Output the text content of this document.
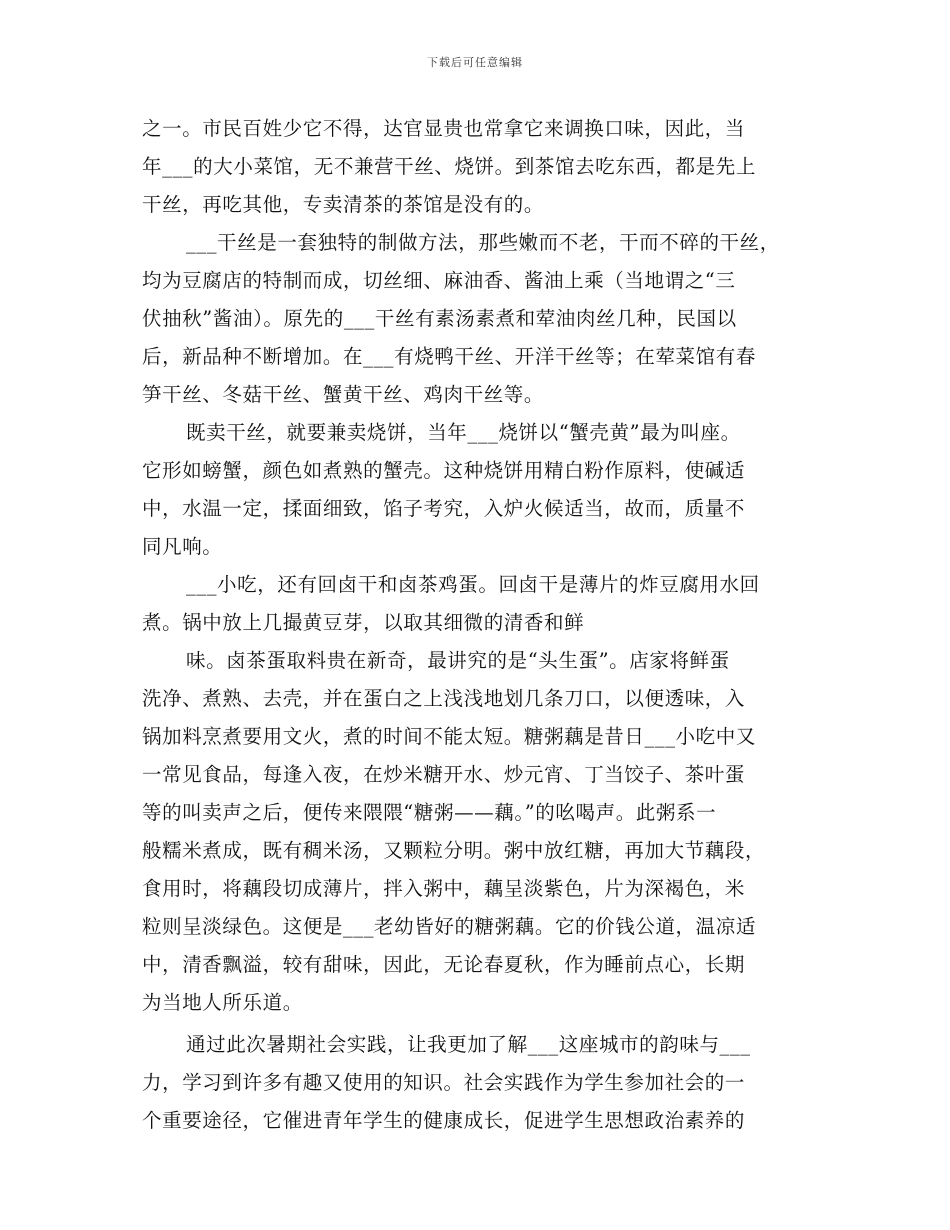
下载后可任意编辑
之一。市民百姓少它不得，达官显贵也常拿它来调换口味，因此，当
年___的大小菜馆，无不兼营干丝、烧饼。到茶馆去吃东西，都是先上
干丝，再吃其他，专卖清茶的茶馆是没有的。
___干丝是一套独特的制做方法，那些嫩而不老，干而不碎的干丝，
均为豆腐店的特制而成，切丝细、麻油香、酱油上乘（当地谓之“三
伏抽秋”酱油）。原先的___干丝有素汤素煮和荤油肉丝几种，民国以
后，新品种不断增加。在___有烧鸭干丝、开洋干丝等；在荤菜馆有春
笋干丝、冬菇干丝、蟹黄干丝、鸡肉干丝等。
既卖干丝，就要兼卖烧饼，当年___烧饼以“蟹壳黄”最为叫座。
它形如螃蟹，颜色如煮熟的蟹壳。这种烧饼用精白粉作原料，使碱适
中，水温一定，揉面细致，馅子考究，入炉火候适当，故而，质量不
同凡响。
___小吃，还有回卤干和卤茶鸡蛋。回卤干是薄片的炸豆腐用水回
煮。锅中放上几撮黄豆芽，以取其细微的清香和鲜
味。卤茶蛋取料贵在新奇，最讲究的是“头生蛋”。店家将鲜蛋
洗净、煮熟、去壳，并在蛋白之上浅浅地划几条刀口，以便透味，入
锅加料烹煮要用文火，煮的时间不能太短。糖粥藕是昔日___小吃中又
一常见食品，每逢入夜，在炒米糖开水、炒元宵、丁当饺子、茶叶蛋
等的叫卖声之后，便传来隈隈“糖粥——藕。”的吆喝声。此粥系一
般糯米煮成，既有稠米汤，又颗粒分明。粥中放红糖，再加大节藕段，
食用时，将藕段切成薄片，拌入粥中，藕呈淡紫色，片为深褐色，米
粒则呈淡绿色。这便是___老幼皆好的糖粥藕。它的价钱公道，温凉适
中，清香飘溢，较有甜味，因此，无论春夏秋，作为睡前点心，长期
为当地人所乐道。
通过此次暑期社会实践，让我更加了解___这座城市的韵味与___
力，学习到许多有趣又使用的知识。社会实践作为学生参加社会的一
个重要途径，它催进青年学生的健康成长，促进学生思想政治素养的
